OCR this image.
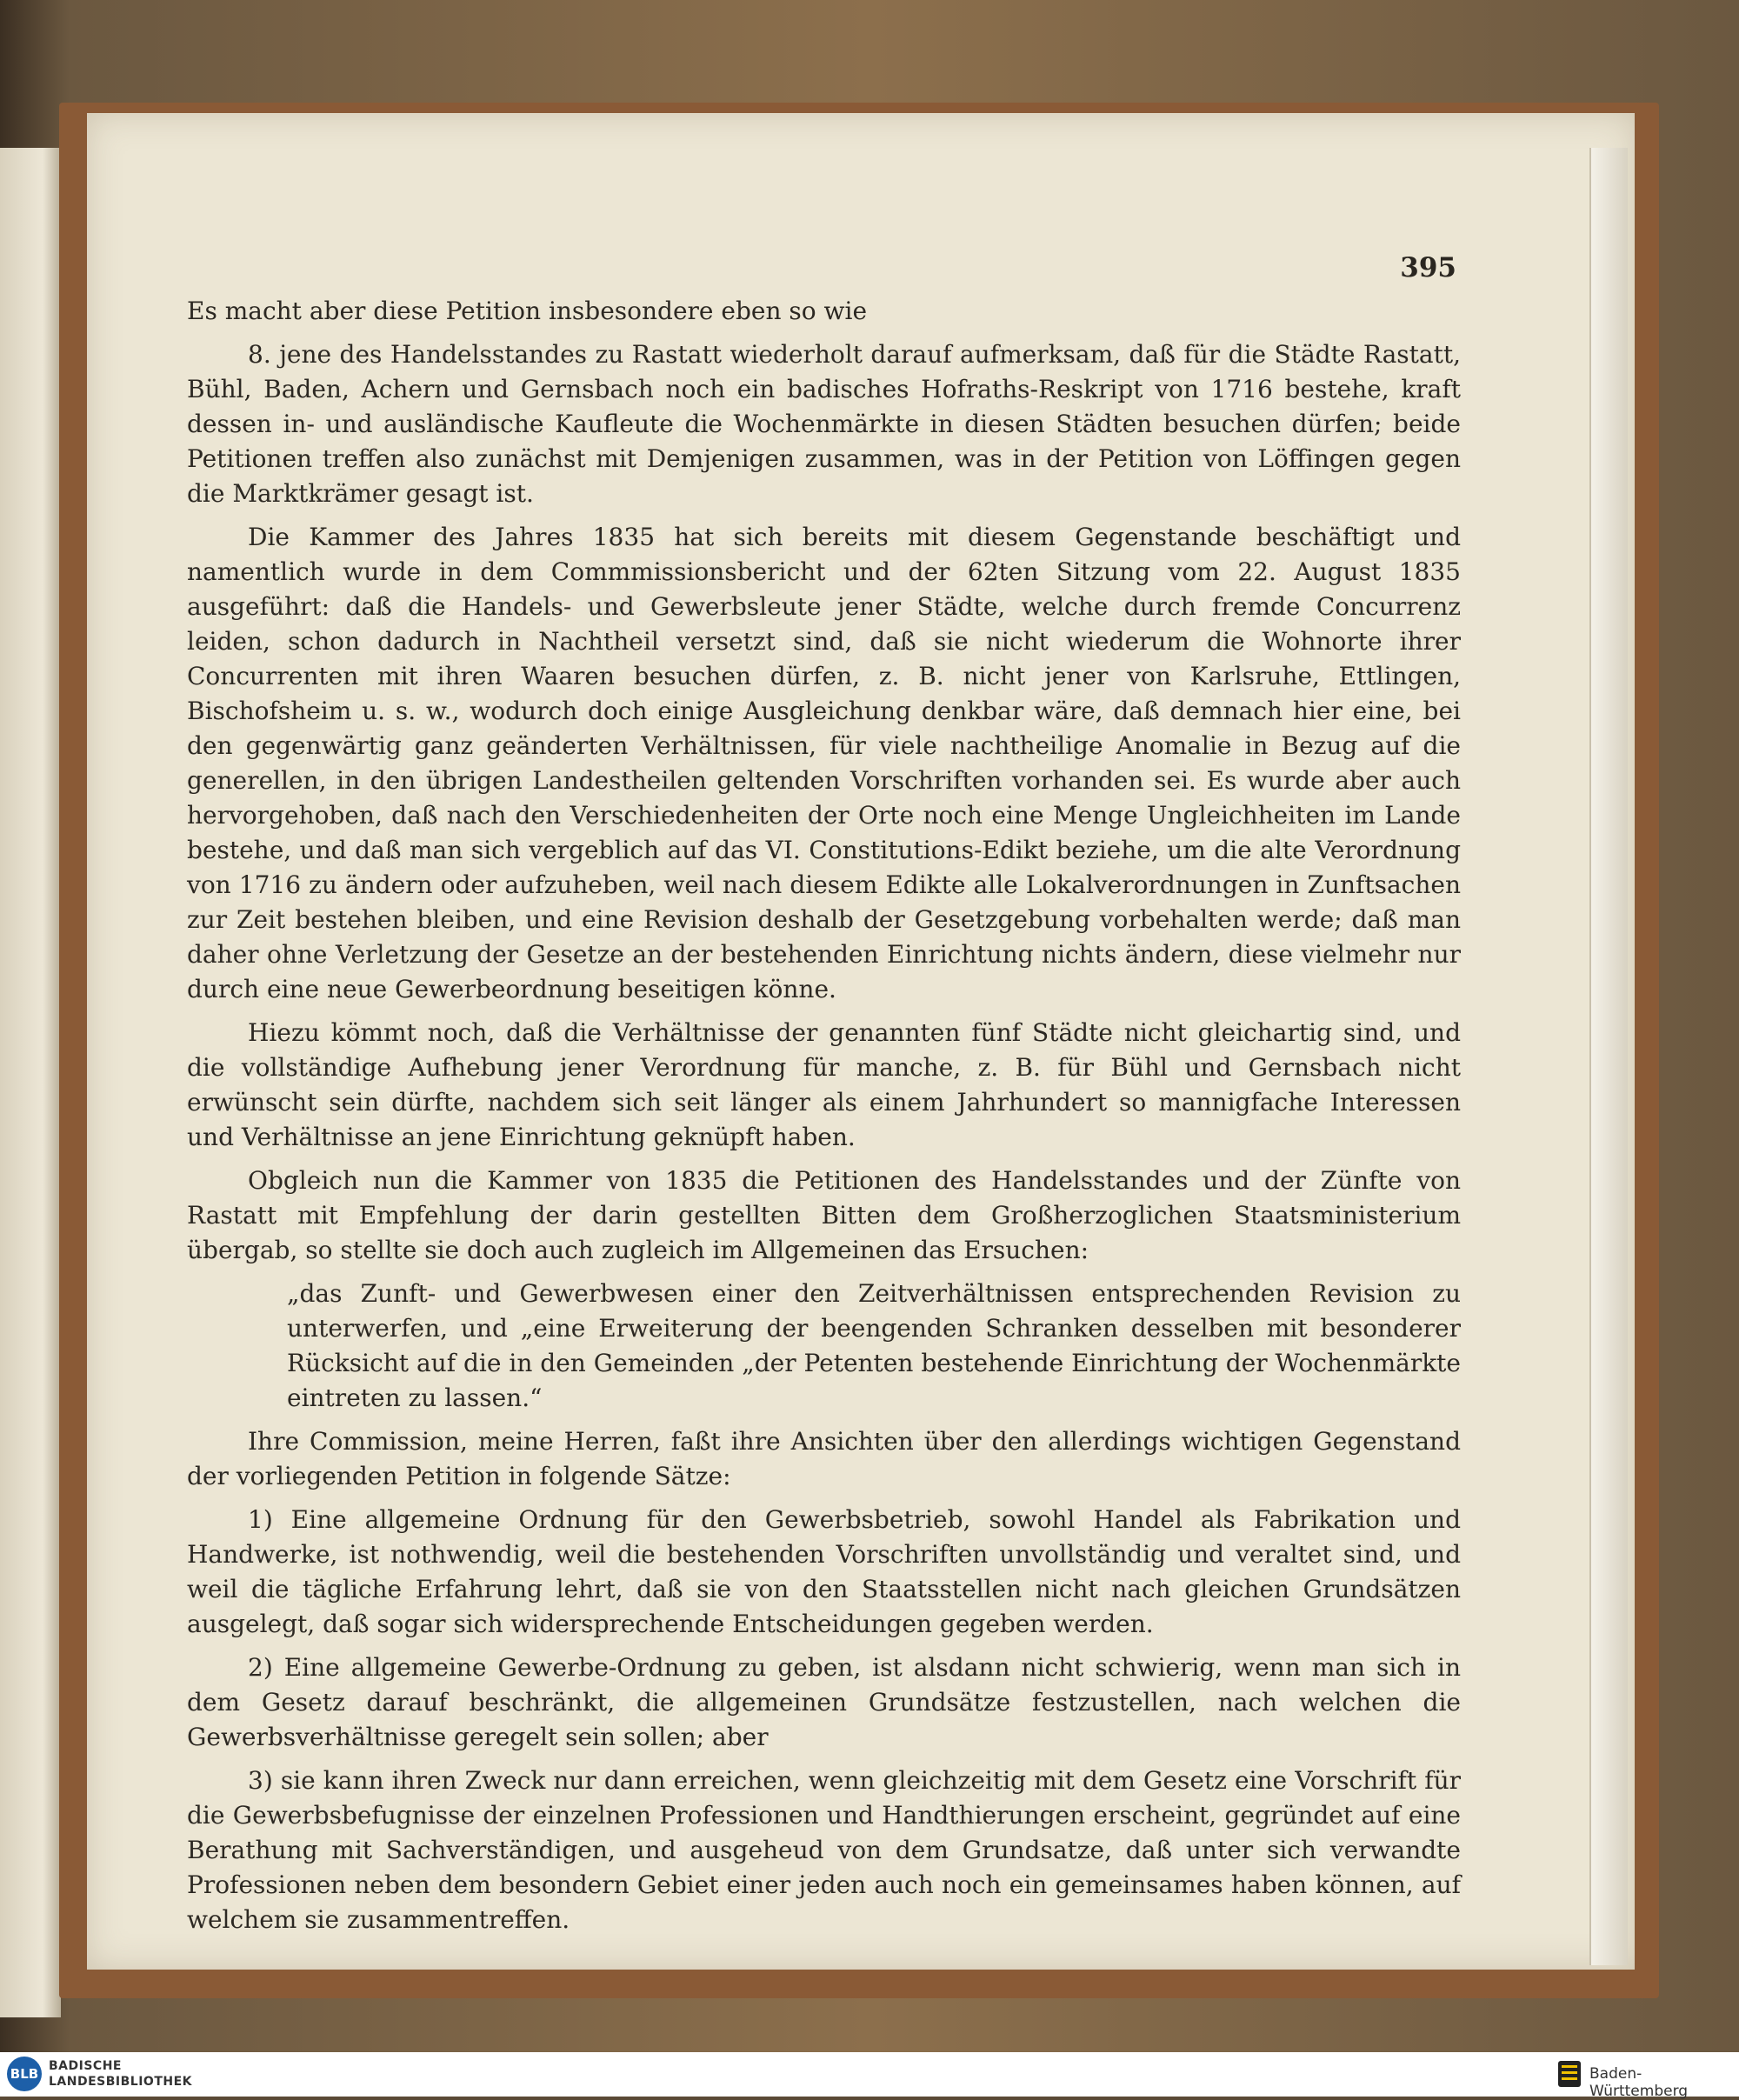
395

Es macht aber diese Petition insbesondere eben so wie

8. jene des Handelsstandes zu Rastatt wiederholt darauf aufmerksam, daß für die Städte Rastatt, Bühl, Baden, Achern und Gernsbach noch ein badisches Hofraths-Reskript von 1716 bestehe, kraft dessen in- und ausländische Kaufleute die Wochenmärkte in diesen Städten besuchen dürfen; beide Petitionen treffen also zunächst mit Demjenigen zusammen, was in der Petition von Löffingen gegen die Marktkrämer gesagt ist.

Die Kammer des Jahres 1835 hat sich bereits mit diesem Gegenstande beschäftigt und namentlich wurde in dem Commmissionsbericht und der 62ten Sitzung vom 22. August 1835 ausgeführt: daß die Handels- und Gewerbsleute jener Städte, welche durch fremde Concurrenz leiden, schon dadurch in Nachtheil versetzt sind, daß sie nicht wiederum die Wohnorte ihrer Concurrenten mit ihren Waaren besuchen dürfen, z. B. nicht jener von Karlsruhe, Ettlingen, Bischofsheim u. s. w., wodurch doch einige Ausgleichung denkbar wäre, daß demnach hier eine, bei den gegenwärtig ganz geänderten Verhältnissen, für viele nachtheilige Anomalie in Bezug auf die generellen, in den übrigen Landestheilen geltenden Vorschriften vorhanden sei. Es wurde aber auch hervorgehoben, daß nach den Verschiedenheiten der Orte noch eine Menge Ungleichheiten im Lande bestehe, und daß man sich vergeblich auf das VI. Constitutions-Edikt beziehe, um die alte Verordnung von 1716 zu ändern oder aufzuheben, weil nach diesem Edikte alle Lokalverordnungen in Zunftsachen zur Zeit bestehen bleiben, und eine Revision deshalb der Gesetzgebung vorbehalten werde; daß man daher ohne Verletzung der Gesetze an der bestehenden Einrichtung nichts ändern, diese vielmehr nur durch eine neue Gewerbeordnung beseitigen könne.

Hiezu kömmt noch, daß die Verhältnisse der genannten fünf Städte nicht gleichartig sind, und die vollständige Aufhebung jener Verordnung für manche, z. B. für Bühl und Gernsbach nicht erwünscht sein dürfte, nachdem sich seit länger als einem Jahrhundert so mannigfache Interessen und Verhältnisse an jene Einrichtung geknüpft haben.

Obgleich nun die Kammer von 1835 die Petitionen des Handelsstandes und der Zünfte von Rastatt mit Empfehlung der darin gestellten Bitten dem Großherzoglichen Staatsministerium übergab, so stellte sie doch auch zugleich im Allgemeinen das Ersuchen:

„das Zunft- und Gewerbwesen einer den Zeitverhältnissen entsprechenden Revision zu unterwerfen, und „eine Erweiterung der beengenden Schranken desselben mit besonderer Rücksicht auf die in den Gemeinden „der Petenten bestehende Einrichtung der Wochenmärkte eintreten zu lassen.“

Ihre Commission, meine Herren, faßt ihre Ansichten über den allerdings wichtigen Gegenstand der vorliegenden Petition in folgende Sätze:

1) Eine allgemeine Ordnung für den Gewerbsbetrieb, sowohl Handel als Fabrikation und Handwerke, ist nothwendig, weil die bestehenden Vorschriften unvollständig und veraltet sind, und weil die tägliche Erfahrung lehrt, daß sie von den Staatsstellen nicht nach gleichen Grundsätzen ausgelegt, daß sogar sich widersprechende Entscheidungen gegeben werden.

2) Eine allgemeine Gewerbe-Ordnung zu geben, ist alsdann nicht schwierig, wenn man sich in dem Gesetz darauf beschränkt, die allgemeinen Grundsätze festzustellen, nach welchen die Gewerbsverhältnisse geregelt sein sollen; aber

3) sie kann ihren Zweck nur dann erreichen, wenn gleichzeitig mit dem Gesetz eine Vorschrift für die Gewerbsbefugnisse der einzelnen Professionen und Handthierungen erscheint, gegründet auf eine Berathung mit Sachverständigen, und ausgeheud von dem Grundsatze, daß unter sich verwandte Professionen neben dem besondern Gebiet einer jeden auch noch ein gemeinsames haben können, auf welchem sie zusammentreffen.

BLB BADISCHE
LANDESBIBLIOTHEK	Baden-Württemberg
